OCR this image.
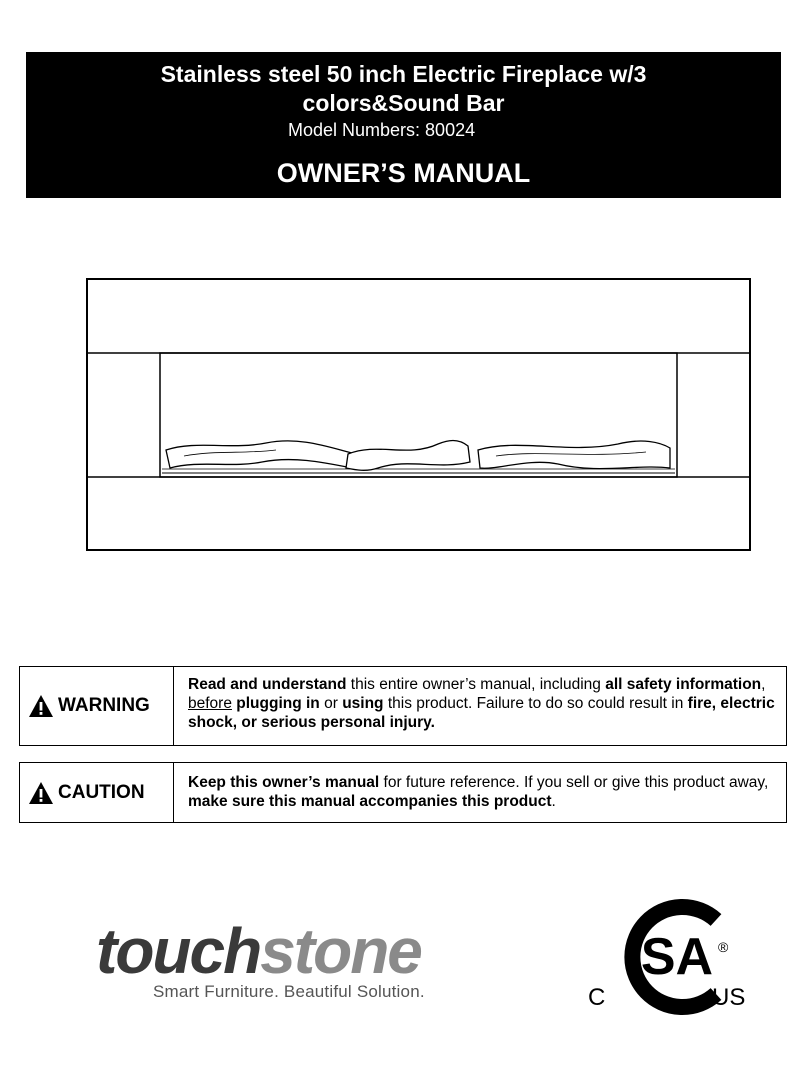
Stainless steel 50 inch Electric Fireplace w/3
colors&Sound Bar
Model Numbers: 80024
OWNER’S MANUAL
WARNING
Read and understand this entire owner’s manual, including all safety information, before plugging in or using this product. Failure to do so could result in fire, electric shock, or serious personal injury.
CAUTION	Keep this owner’s manual for future reference. If you sell or give this product away, make sure this manual accompanies this product.
touchstone
Smart Furniture. Beautiful Solution.
SA ®
C	US
